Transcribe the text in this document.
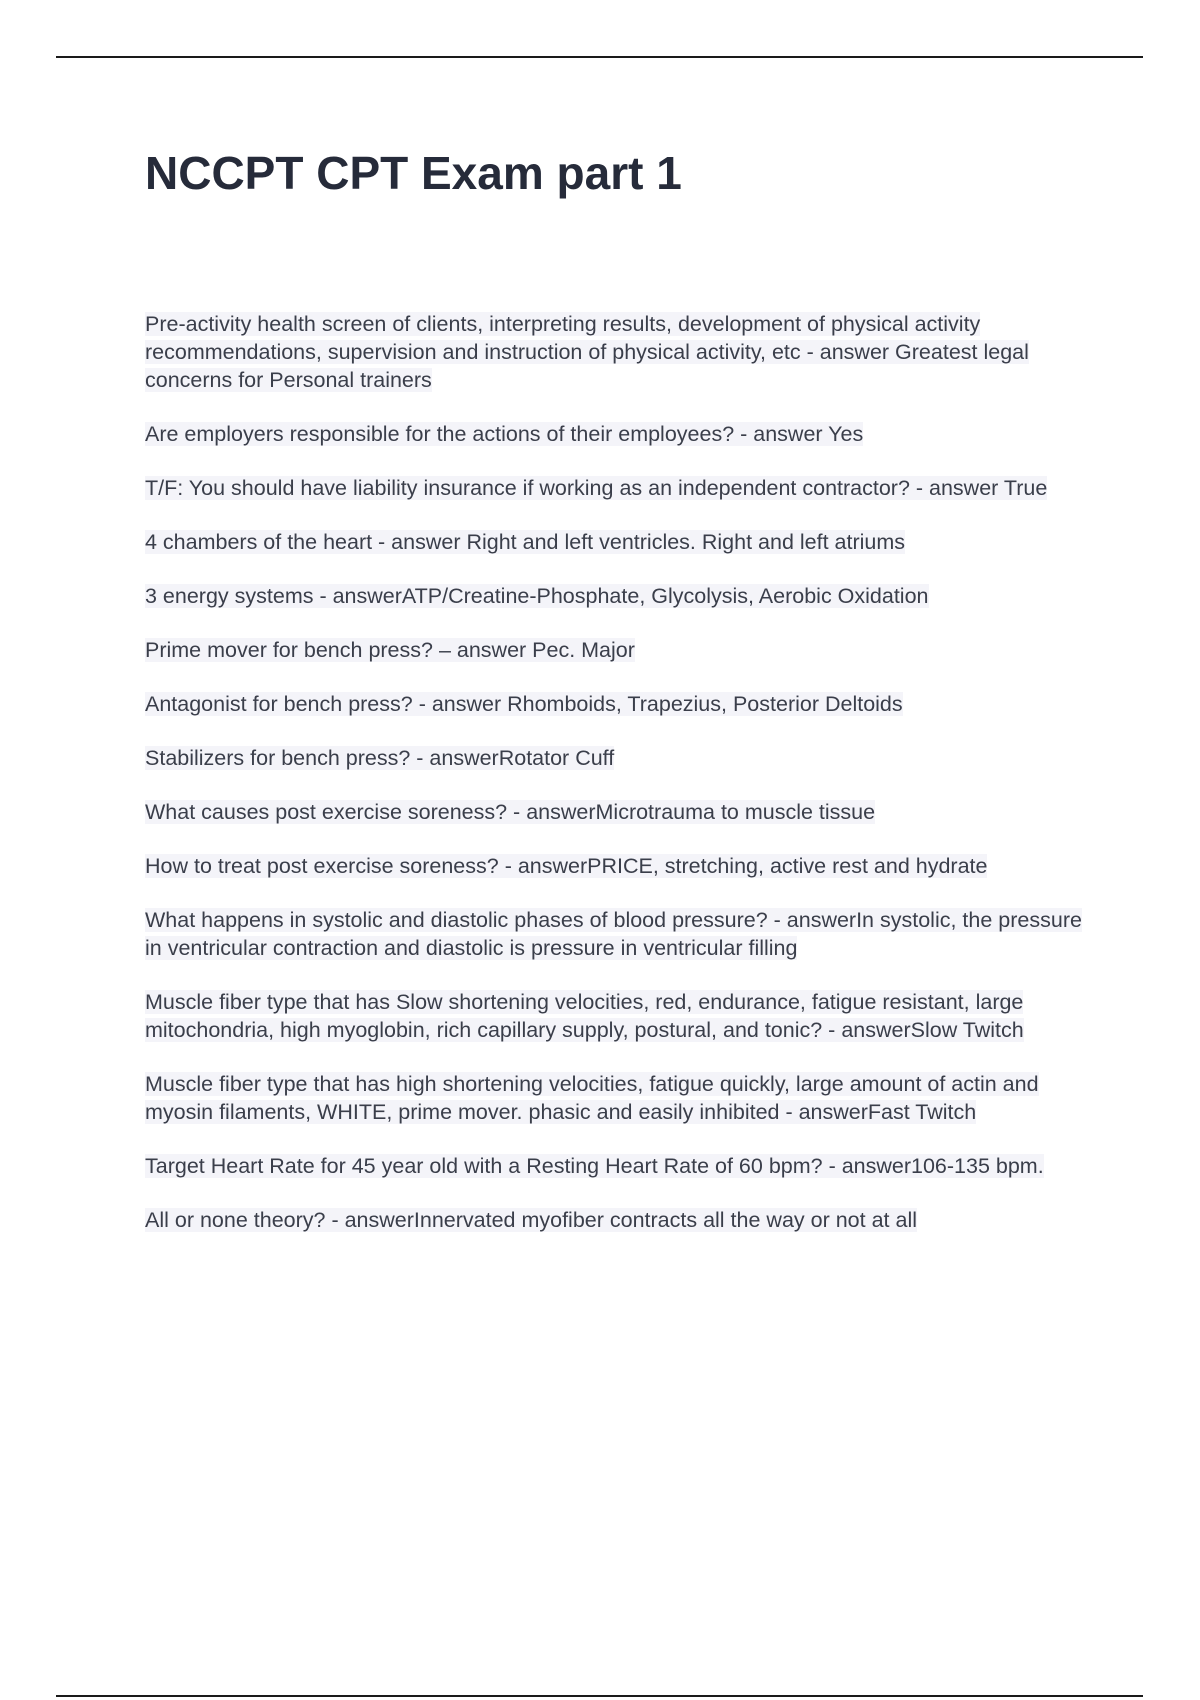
NCCPT CPT Exam part 1
Pre-activity health screen of clients, interpreting results, development of physical activity recommendations, supervision and instruction of physical activity, etc - answer Greatest legal concerns for Personal trainers
Are employers responsible for the actions of their employees? - answer Yes
T/F: You should have liability insurance if working as an independent contractor? - answer True
4 chambers of the heart - answer Right and left ventricles. Right and left atriums
3 energy systems - answerATP/Creatine-Phosphate, Glycolysis, Aerobic Oxidation
Prime mover for bench press? – answer Pec. Major
Antagonist for bench press? - answer Rhomboids, Trapezius, Posterior Deltoids
Stabilizers for bench press? - answerRotator Cuff
What causes post exercise soreness? - answerMicrotrauma to muscle tissue
How to treat post exercise soreness? - answerPRICE, stretching, active rest and hydrate
What happens in systolic and diastolic phases of blood pressure? - answerIn systolic, the pressure in ventricular contraction and diastolic is pressure in ventricular filling
Muscle fiber type that has Slow shortening velocities, red, endurance, fatigue resistant, large mitochondria, high myoglobin, rich capillary supply, postural, and tonic? - answerSlow Twitch
Muscle fiber type that has high shortening velocities, fatigue quickly, large amount of actin and myosin filaments, WHITE, prime mover. phasic and easily inhibited - answerFast Twitch
Target Heart Rate for 45 year old with a Resting Heart Rate of 60 bpm? - answer106-135 bpm.
All or none theory? - answerInnervated myofiber contracts all the way or not at all
